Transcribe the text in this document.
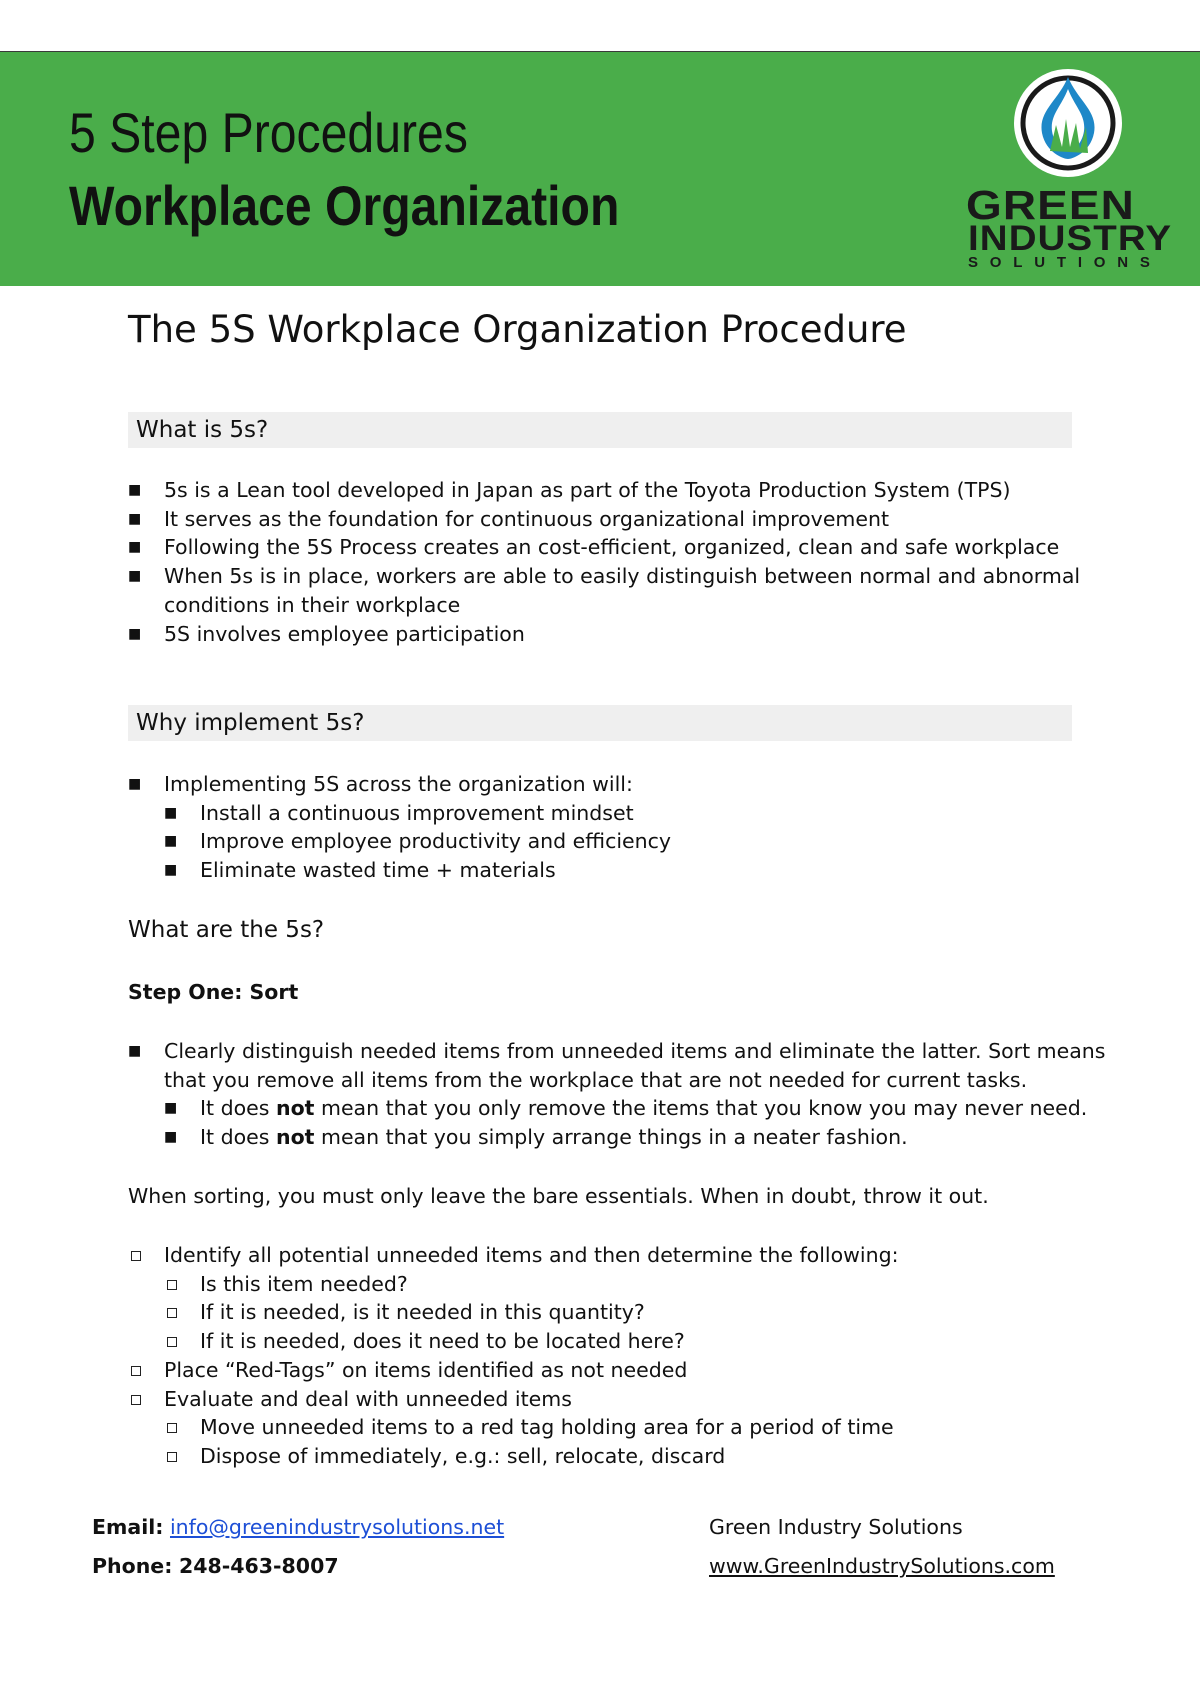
5 Step Procedures
Workplace Organization	GREEN
INDUSTRY
SOLUTIONS
The 5S Workplace Organization Procedure
What is 5s?
■ 5s is a Lean tool developed in Japan as part of the Toyota Production System (TPS)
■ It serves as the foundation for continuous organizational improvement
■ Following the 5S Process creates an cost-efficient, organized, clean and safe workplace
■ When 5s is in place, workers are able to easily distinguish between normal and abnormal
conditions in their workplace
■ 5S involves employee participation
Why implement 5s?
■ Implementing 5S across the organization will:
■ Install a continuous improvement mindset
■ Improve employee productivity and efficiency
■ Eliminate wasted time + materials
What are the 5s?
Step One: Sort
■ Clearly distinguish needed items from unneeded items and eliminate the latter. Sort means
that you remove all items from the workplace that are not needed for current tasks.
■ It does not mean that you only remove the items that you know you may never need.
■ It does not mean that you simply arrange things in a neater fashion.
When sorting, you must only leave the bare essentials. When in doubt, throw it out.
Identify all potential unneeded items and then determine the following:
Is this item needed?
If it is needed, is it needed in this quantity?
If it is needed, does it need to be located here?
Place “Red-Tags” on items identified as not needed
Evaluate and deal with unneeded items
Move unneeded items to a red tag holding area for a period of time
Dispose of immediately, e.g.: sell, relocate, discard
Email: info@greenindustrysolutions.net
Phone: 248-463-8007
Green Industry Solutions
www.GreenIndustrySolutions.com
